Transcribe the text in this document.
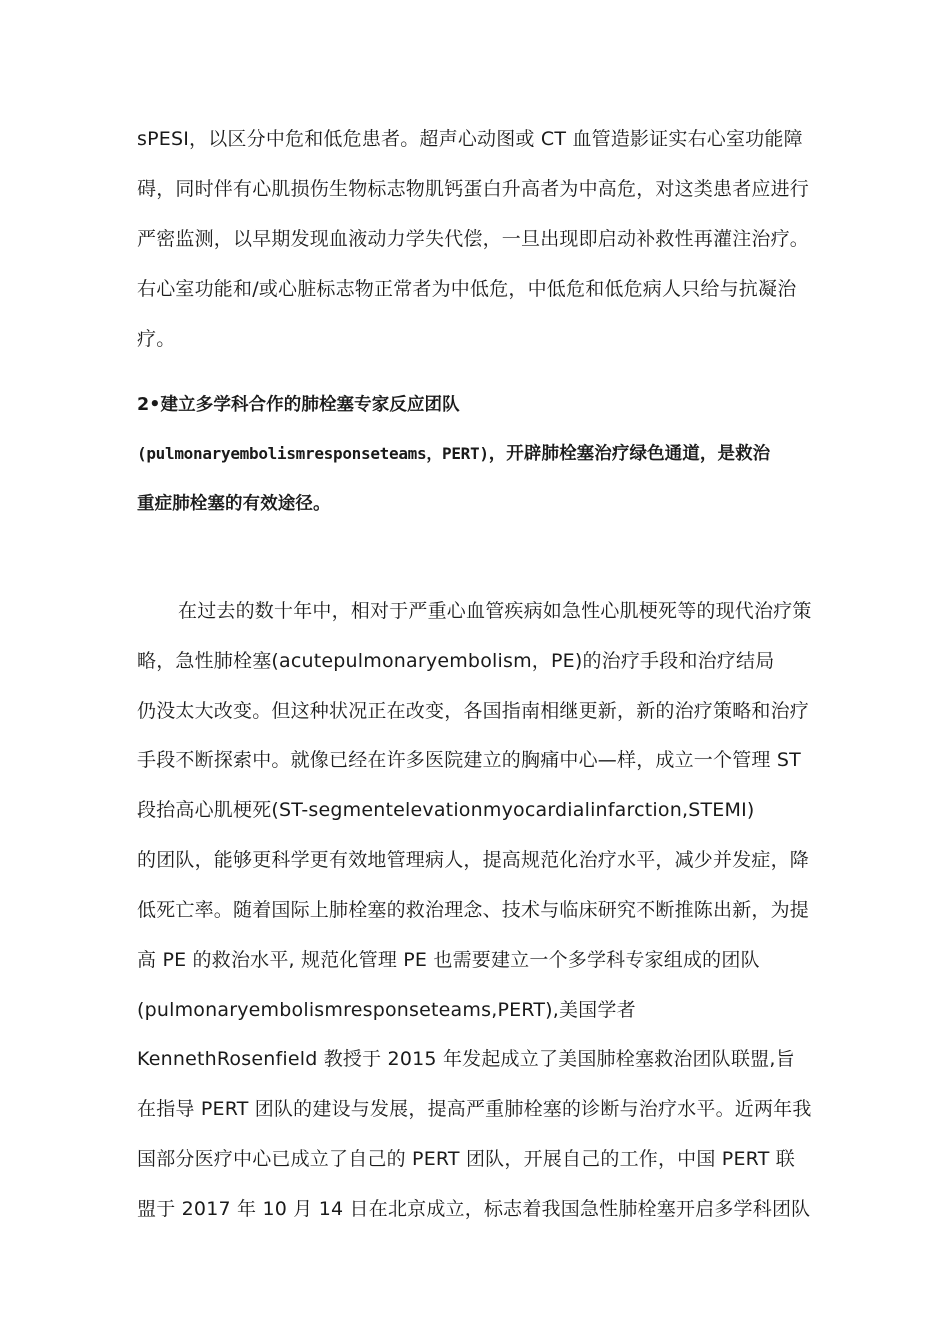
sPESI，以区分中危和低危患者。超声心动图或 CT 血管造影证实右心室功能障
碍，同时伴有心肌损伤生物标志物肌钙蛋白升高者为中高危，对这类患者应进行
严密监测，以早期发现血液动力学失代偿，一旦出现即启动补救性再灌注治疗。
右心室功能和/或心脏标志物正常者为中低危，中低危和低危病人只给与抗凝治
疗。
2•建立多学科合作的肺栓塞专家反应团队
(pulmonaryembolismresponseteams，PERT)，开辟肺栓塞治疗绿色通道，是救治
重症肺栓塞的有效途径。
在过去的数十年中，相对于严重心血管疾病如急性心肌梗死等的现代治疗策
略，急性肺栓塞(acutepulmonaryembolism，PE)的治疗手段和治疗结局
仍没太大改变。但这种状况正在改变，各国指南相继更新，新的治疗策略和治疗
手段不断探索中。就像已经在许多医院建立的胸痛中心—样，成立一个管理 ST
段抬高心肌梗死(ST-segmentelevationmyocardialinfarction,STEMI)
的团队，能够更科学更有效地管理病人，提高规范化治疗水平，减少并发症，降
低死亡率。随着国际上肺栓塞的救治理念、技术与临床研究不断推陈出新，为提
高 PE 的救治水平, 规范化管理 PE 也需要建立一个多学科专家组成的团队
(pulmonaryembolismresponseteams,PERT),美国学者
KennethRosenfield 教授于 2015 年发起成立了美国肺栓塞救治团队联盟,旨
在指导 PERT 团队的建设与发展，提高严重肺栓塞的诊断与治疗水平。近两年我
国部分医疗中心已成立了自己的 PERT 团队，开展自己的工作，中国 PERT 联
盟于 2017 年 10 月 14 日在北京成立，标志着我国急性肺栓塞开启多学科团队
